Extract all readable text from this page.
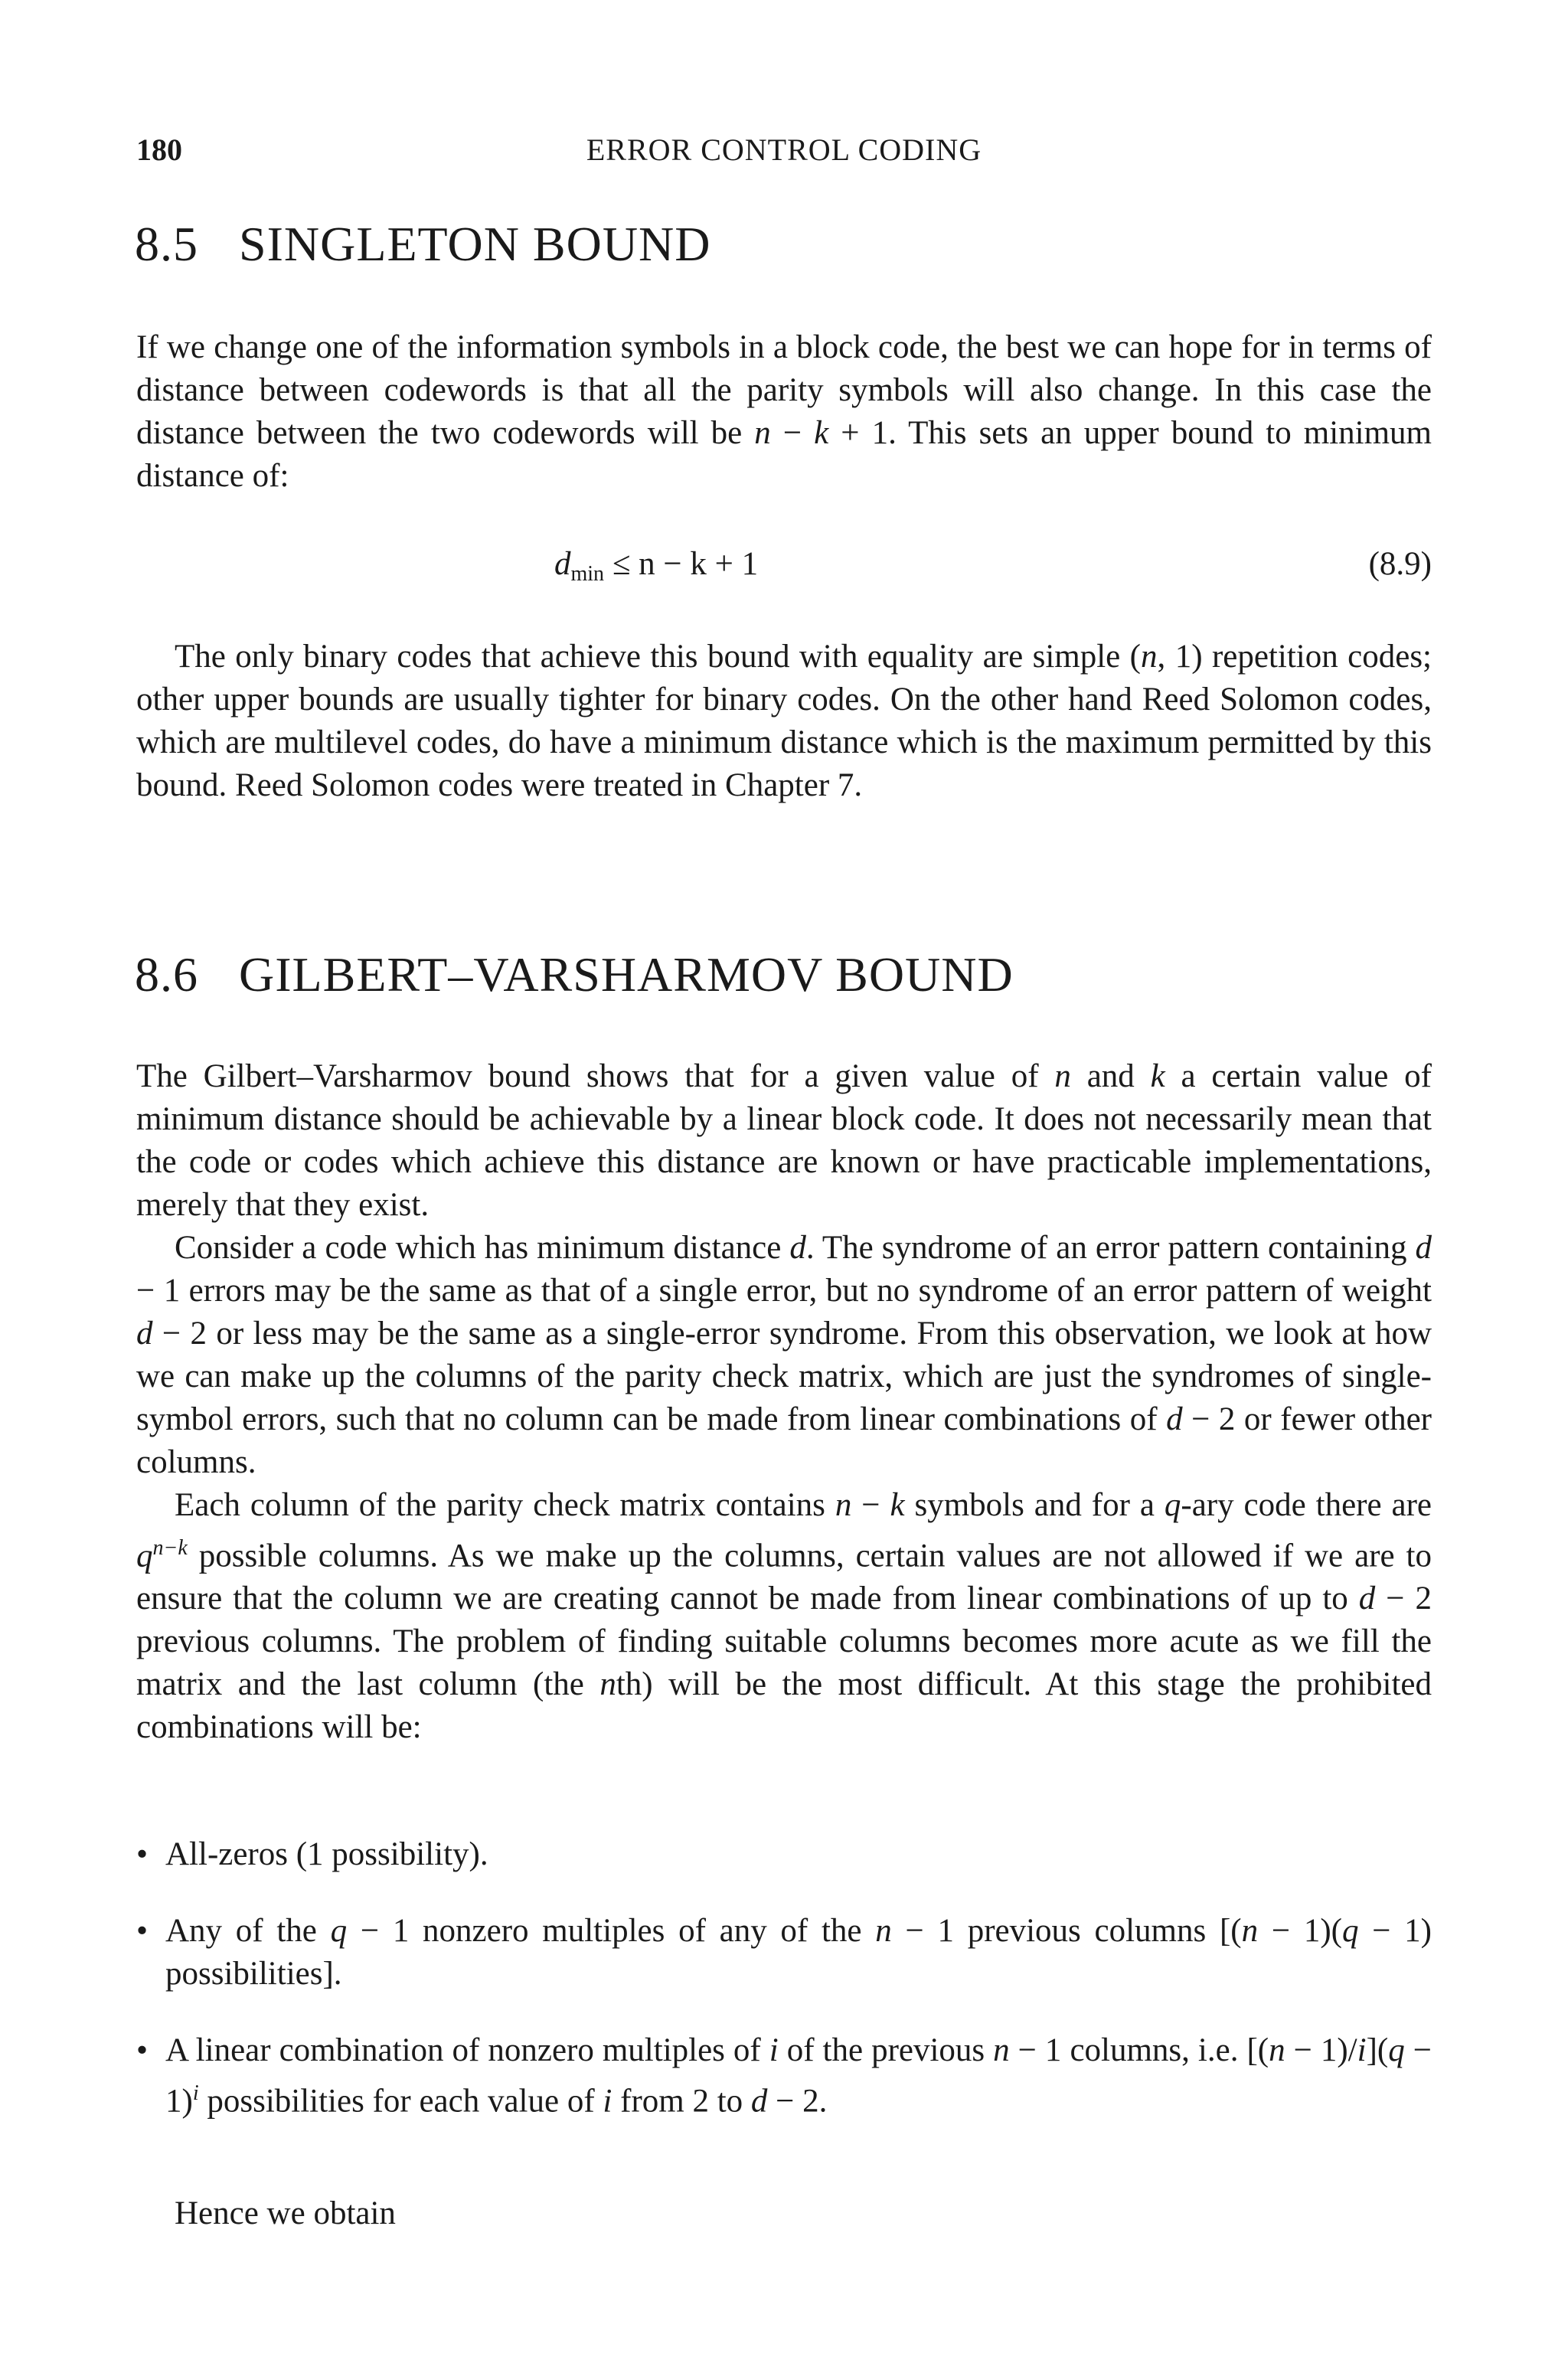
180	ERROR CONTROL CODING
8.5 SINGLETON BOUND

If we change one of the information symbols in a block code, the best we can hope for in terms of distance between codewords is that all the parity symbols will also change. In this case the distance between the two codewords will be n − k + 1. This sets an upper bound to minimum distance of:

$d_{min} \le n - k + 1$	(8.9)

The only binary codes that achieve this bound with equality are simple (n, 1) repetition codes; other upper bounds are usually tighter for binary codes. On the other hand Reed Solomon codes, which are multilevel codes, do have a minimum distance which is the maximum permitted by this bound. Reed Solomon codes were treated in Chapter 7.

8.6 GILBERT–VARSHARMOV BOUND

The Gilbert–Varsharmov bound shows that for a given value of n and k a certain value of minimum distance should be achievable by a linear block code. It does not necessarily mean that the code or codes which achieve this distance are known or have practicable implementations, merely that they exist.

Consider a code which has minimum distance d. The syndrome of an error pattern containing d − 1 errors may be the same as that of a single error, but no syndrome of an error pattern of weight d − 2 or less may be the same as a single-error syndrome. From this observation, we look at how we can make up the columns of the parity check matrix, which are just the syndromes of single-symbol errors, such that no column can be made from linear combinations of d − 2 or fewer other columns.

Each column of the parity check matrix contains n − k symbols and for a q-ary code there are $q^{n-k}$ possible columns. As we make up the columns, certain values are not allowed if we are to ensure that the column we are creating cannot be made from linear combinations of up to d − 2 previous columns. The problem of finding suitable columns becomes more acute as we fill the matrix and the last column (the nth) will be the most difficult. At this stage the prohibited combinations will be:

• All-zeros (1 possibility).
• Any of the q − 1 nonzero multiples of any of the n − 1 previous columns [(n − 1)(q − 1) possibilities].
• A linear combination of nonzero multiples of i of the previous n − 1 columns, i.e. $[(n - 1)/i](q - 1)^i$ possibilities for each value of i from 2 to d − 2.
Hence we obtain
